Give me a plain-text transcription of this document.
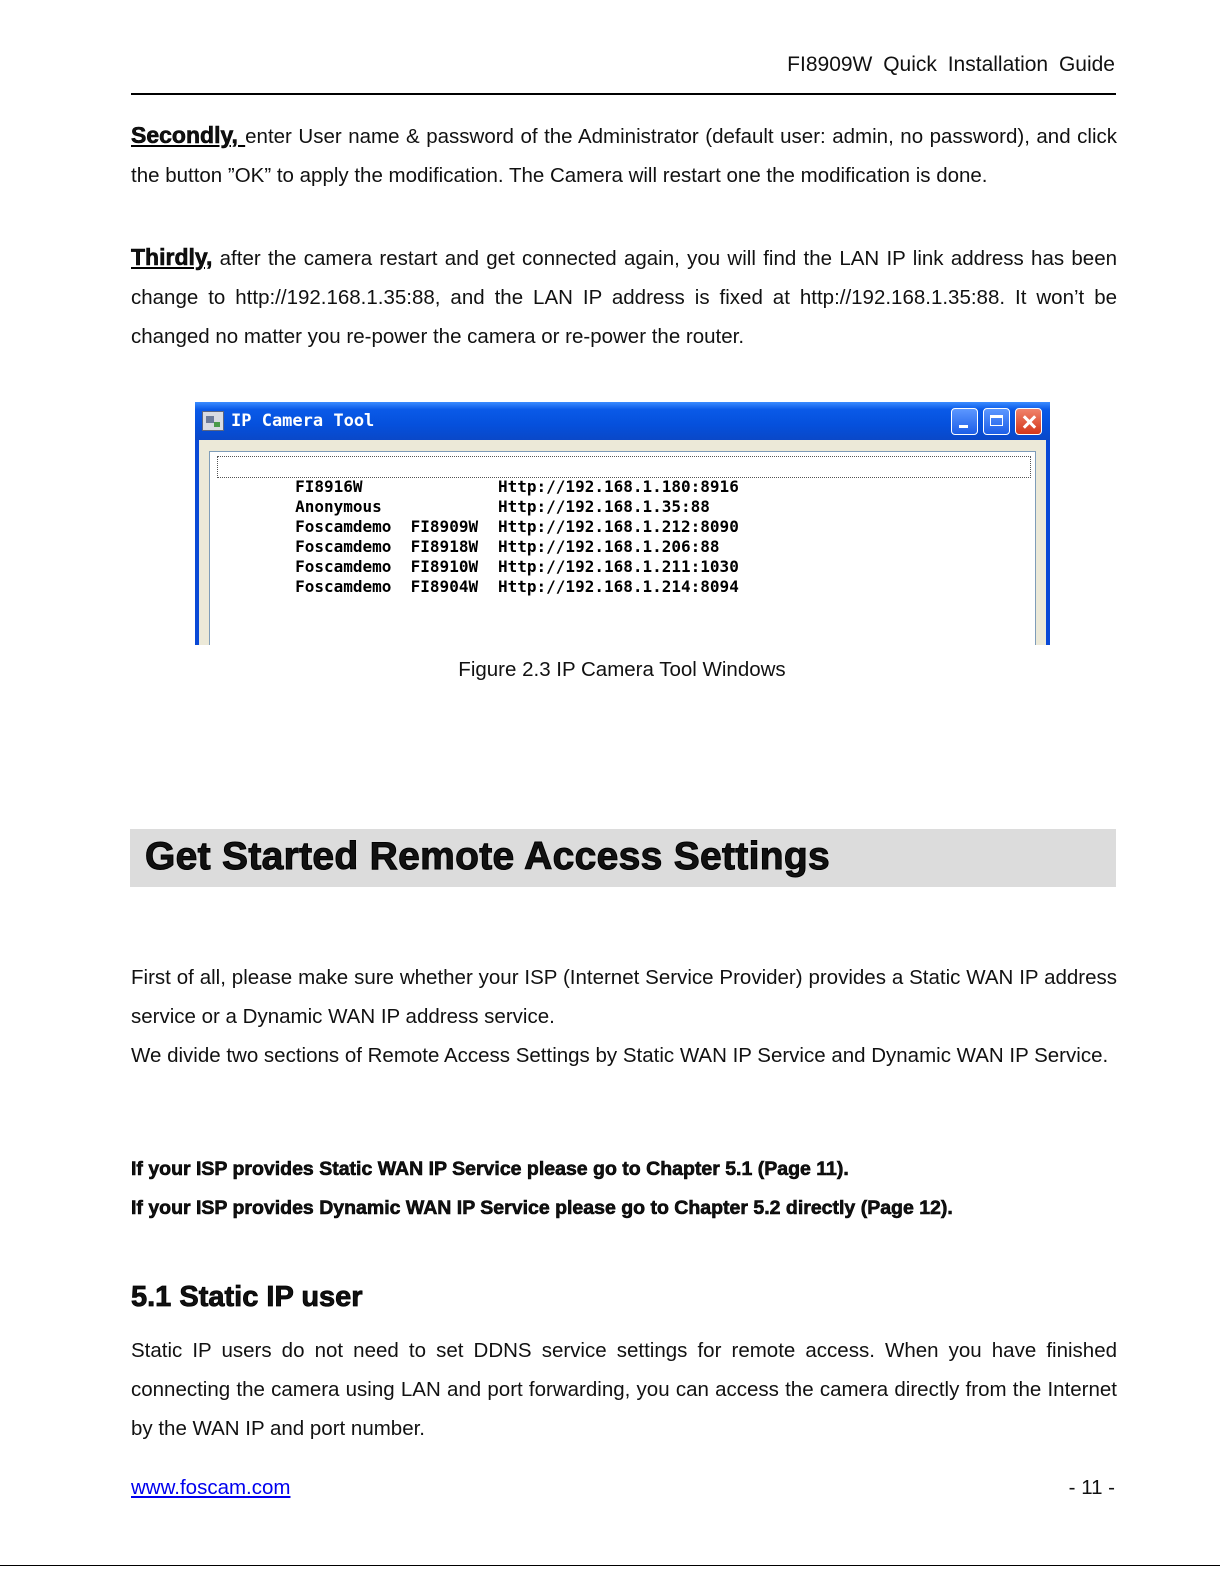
FI8909W Quick Installation Guide

Secondly, enter User name & password of the Administrator (default user: admin, no password), and click the button ”OK” to apply the modification. The Camera will restart one the modification is done.

Thirdly, after the camera restart and get connected again, you will find the LAN IP link address has been change to http://192.168.1.35:88, and the LAN IP address is fixed at http://192.168.1.35:88. It won’t be changed no matter you re-power the camera or re-power the router.

IP Camera Tool

FI8916W	Http://192.168.1.180:8916

Anonymous	Http://192.168.1.35:88

Foscamdemo  FI8909W Http://192.168.1.212:8090

Foscamdemo  FI8918W Http://192.168.1.206:88

Foscamdemo  FI8910W Http://192.168.1.211:1030

Foscamdemo  FI8904W Http://192.168.1.214:8094

Figure 2.3 IP Camera Tool Windows
Get Started Remote Access Settings

First of all, please make sure whether your ISP (Internet Service Provider) provides a Static WAN IP address service or a Dynamic WAN IP address service.

We divide two sections of Remote Access Settings by Static WAN IP Service and Dynamic WAN IP Service.

If your ISP provides Static WAN IP Service please go to Chapter 5.1 (Page 11).
If your ISP provides Dynamic WAN IP Service please go to Chapter 5.2 directly (Page 12).
5.1 Static IP user

Static IP users do not need to set DDNS service settings for remote access. When you have finished connecting the camera using LAN and port forwarding, you can access the camera directly from the Internet by the WAN IP and port number.

www.foscam.com	- 11 -
